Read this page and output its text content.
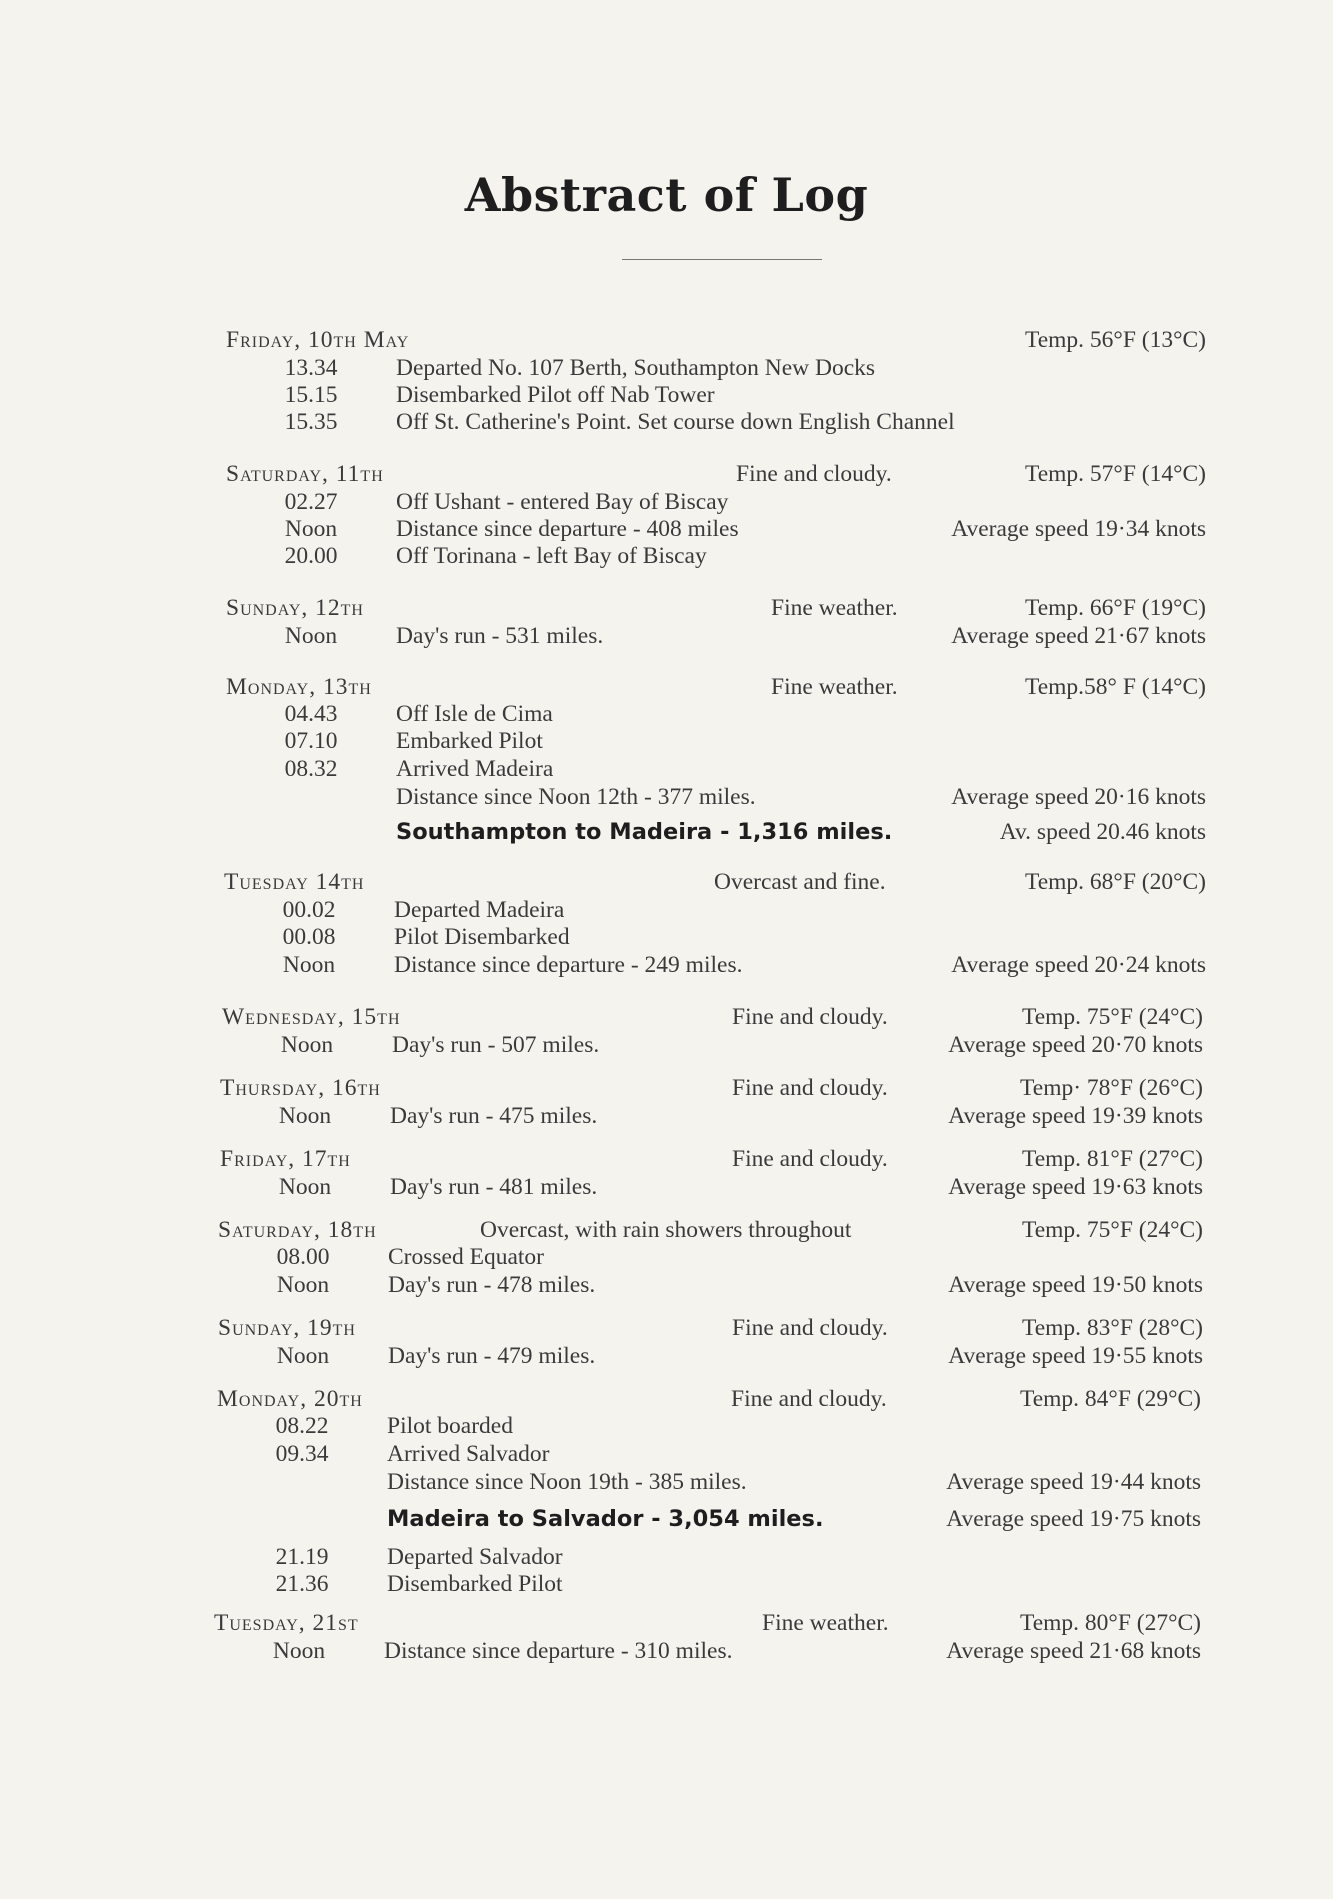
Abstract of Log
Friday, 10th May	Temp. 56°F (13°C)
13.34	Departed No. 107 Berth, Southampton New Docks
15.15	Disembarked Pilot off Nab Tower
15.35	Off St. Catherine's Point. Set course down English Channel
Saturday, 11th	Fine and cloudy.	Temp. 57°F (14°C)
02.27	Off Ushant - entered Bay of Biscay
Noon	Distance since departure - 408 miles	Average speed 19·34 knots
20.00	Off Torinana - left Bay of Biscay
Sunday, 12th	Fine weather.	Temp. 66°F (19°C)
Noon	Day's run - 531 miles.	Average speed 21·67 knots
Monday, 13th	Fine weather.	Temp.58° F (14°C)
04.43	Off Isle de Cima
07.10	Embarked Pilot
08.32	Arrived Madeira
Distance since Noon 12th - 377 miles.	Average speed 20·16 knots
Southampton to Madeira - 1,316 miles.	Av. speed 20.46 knots
Tuesday 14th	Overcast and fine.	Temp. 68°F (20°C)
00.02	Departed Madeira
00.08	Pilot Disembarked
Noon	Distance since departure - 249 miles.	Average speed 20·24 knots
Wednesday, 15th	Fine and cloudy.	Temp. 75°F (24°C)
Noon	Day's run - 507 miles.	Average speed 20·70 knots
Thursday, 16th	Fine and cloudy.	Temp· 78°F (26°C)
Noon	Day's run - 475 miles.	Average speed 19·39 knots
Friday, 17th	Fine and cloudy.	Temp. 81°F (27°C)
Noon	Day's run - 481 miles.	Average speed 19·63 knots
Saturday, 18th	Overcast, with rain showers throughout	Temp. 75°F (24°C)
08.00	Crossed Equator
Noon	Day's run - 478 miles.	Average speed 19·50 knots
Sunday, 19th	Fine and cloudy.	Temp. 83°F (28°C)
Noon	Day's run - 479 miles.	Average speed 19·55 knots
Monday, 20th	Fine and cloudy.	Temp. 84°F (29°C)
08.22	Pilot boarded
09.34	Arrived Salvador
Distance since Noon 19th - 385 miles.	Average speed 19·44 knots
Madeira to Salvador - 3,054 miles.	Average speed 19·75 knots
21.19	Departed Salvador
21.36	Disembarked Pilot
Tuesday, 21st	Fine weather.	Temp. 80°F (27°C)
Noon	Distance since departure - 310 miles.	Average speed 21·68 knots
